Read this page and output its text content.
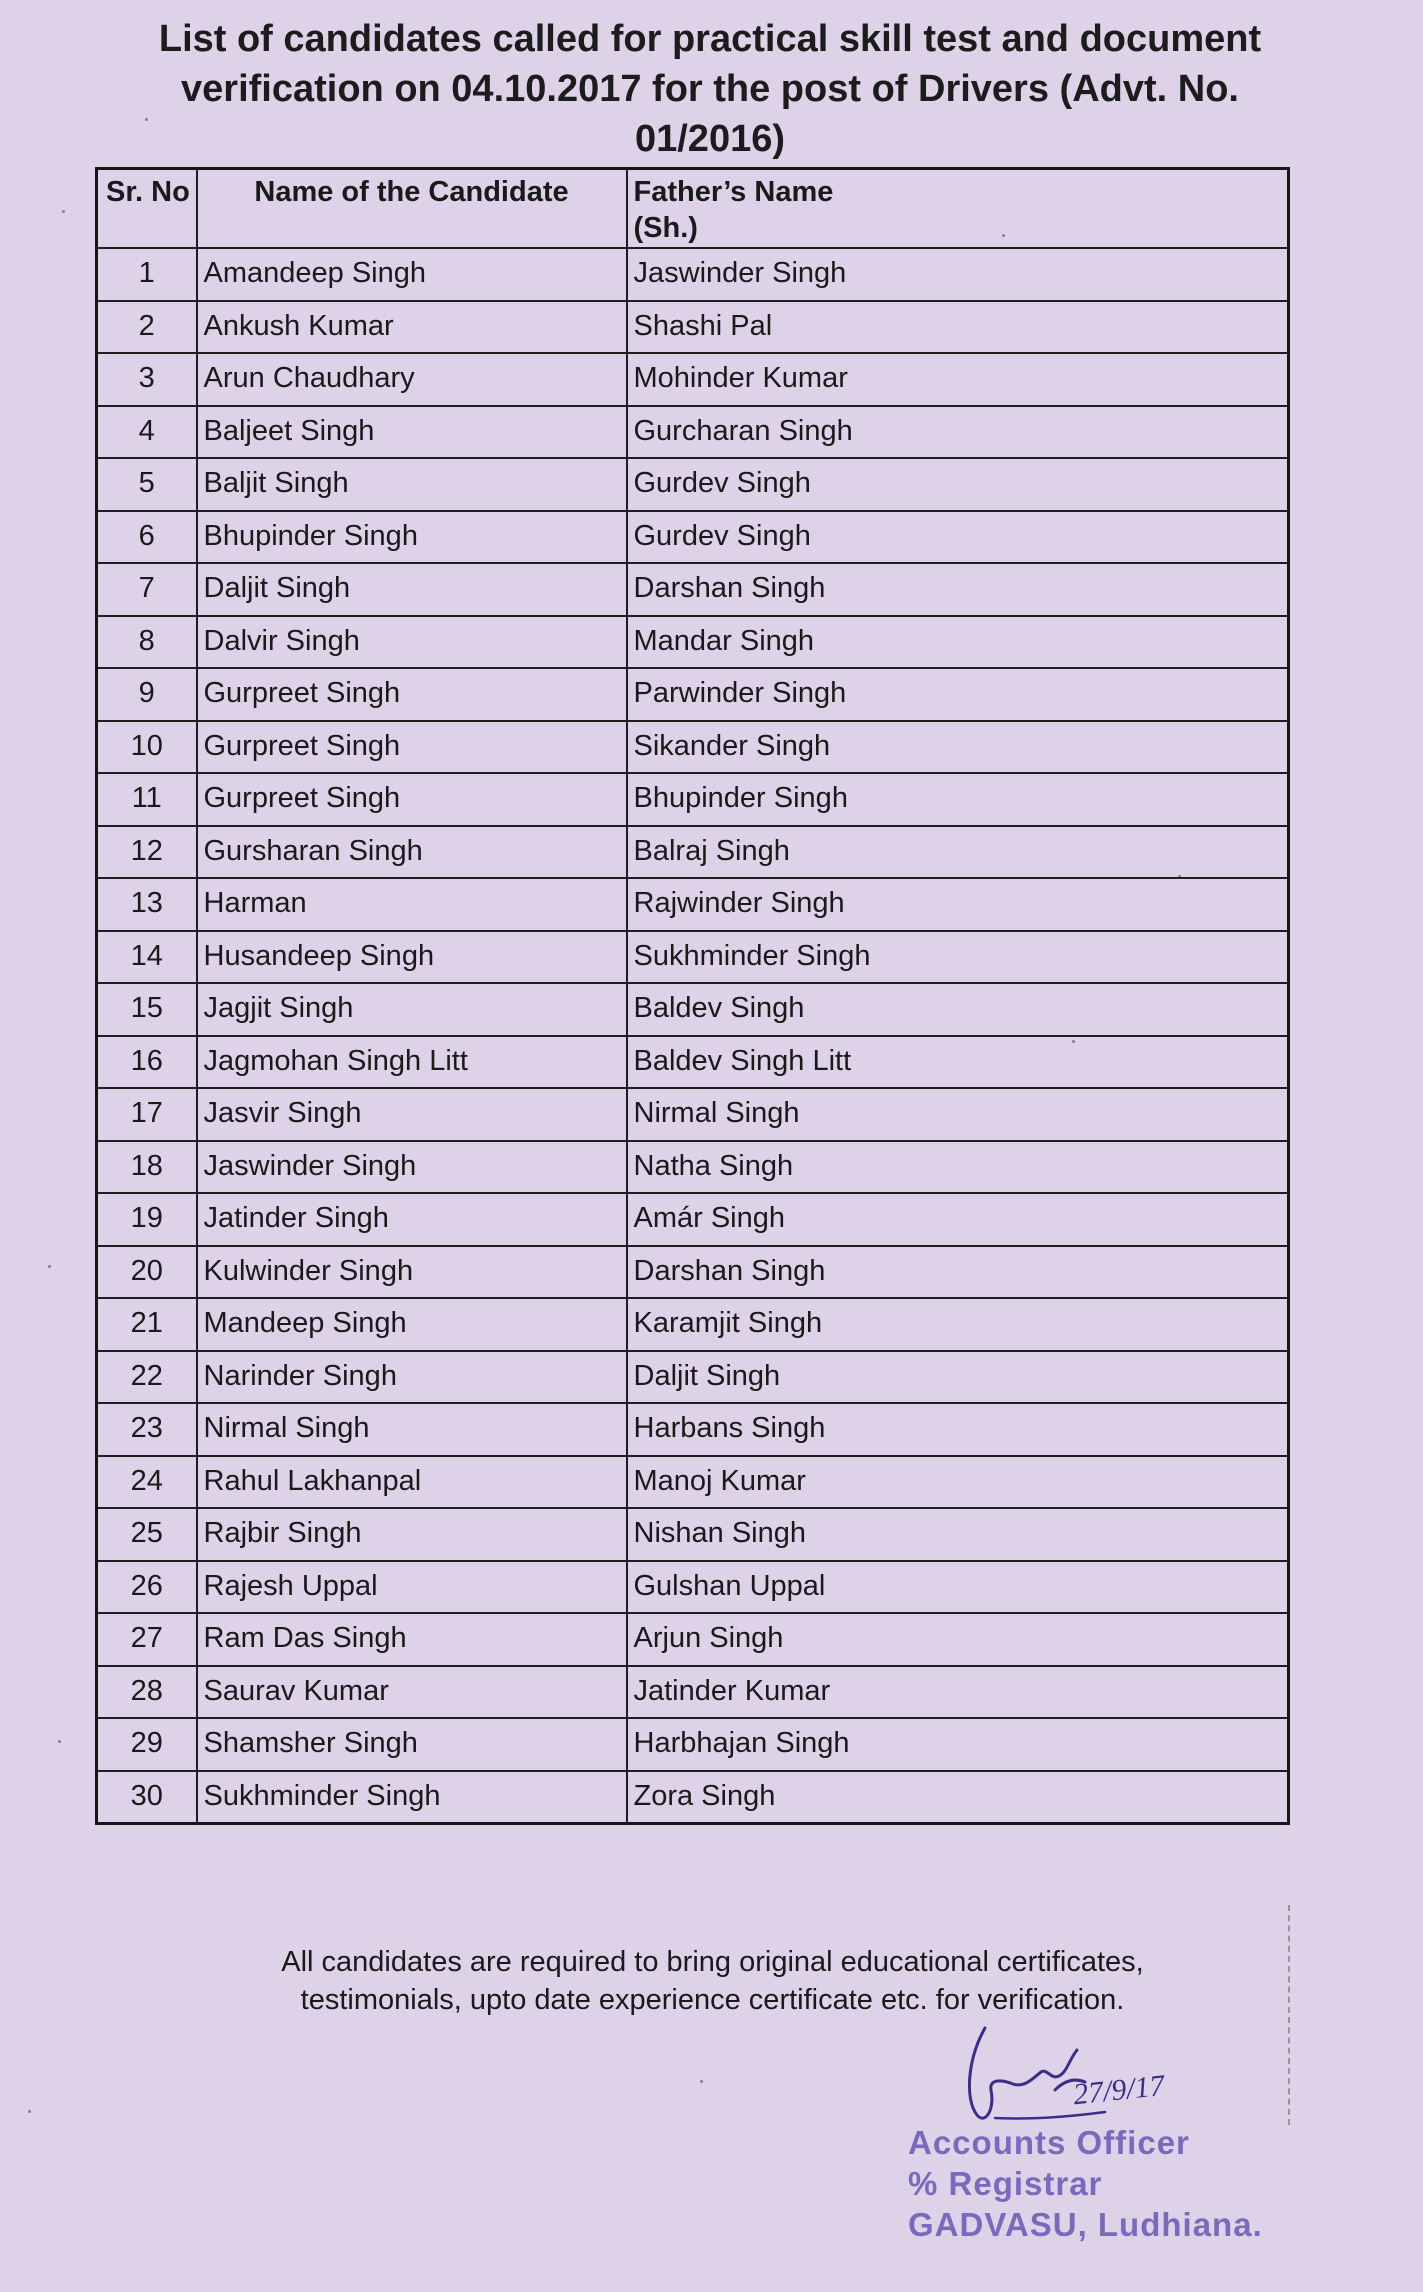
List of candidates called for practical skill test and document
verification on 04.10.2017 for the post of Drivers (Advt. No.
01/2016)
Sr. No	Name of the Candidate	Father’s Name
(Sh.)

1	Amandeep Singh	Jaswinder Singh
2	Ankush Kumar	Shashi Pal
3	Arun Chaudhary	Mohinder Kumar
4	Baljeet Singh	Gurcharan Singh
5	Baljit Singh	Gurdev Singh
6	Bhupinder Singh	Gurdev Singh
7	Daljit Singh	Darshan Singh
8	Dalvir Singh	Mandar Singh
9	Gurpreet Singh	Parwinder Singh
10	Gurpreet Singh	Sikander Singh
11	Gurpreet Singh	Bhupinder Singh
12	Gursharan Singh	Balraj Singh
13	Harman	Rajwinder Singh
14	Husandeep Singh	Sukhminder Singh
15	Jagjit Singh	Baldev Singh
16	Jagmohan Singh Litt	Baldev Singh Litt
17	Jasvir Singh	Nirmal Singh
18	Jaswinder Singh	Natha Singh
19	Jatinder Singh	Amár Singh
20	Kulwinder Singh	Darshan Singh
21	Mandeep Singh	Karamjit Singh
22	Narinder Singh	Daljit Singh
23	Nirmal Singh	Harbans Singh
24	Rahul Lakhanpal	Manoj Kumar
25	Rajbir Singh	Nishan Singh
26	Rajesh Uppal	Gulshan Uppal
27	Ram Das Singh	Arjun Singh
28	Saurav Kumar	Jatinder Kumar
29	Shamsher Singh	Harbhajan Singh
30	Sukhminder Singh	Zora Singh

All candidates are required to bring original educational certificates,
testimonials, upto date experience certificate etc. for verification.

27/9/17
Accounts Officer
% Registrar
GADVASU, Ludhiana.
